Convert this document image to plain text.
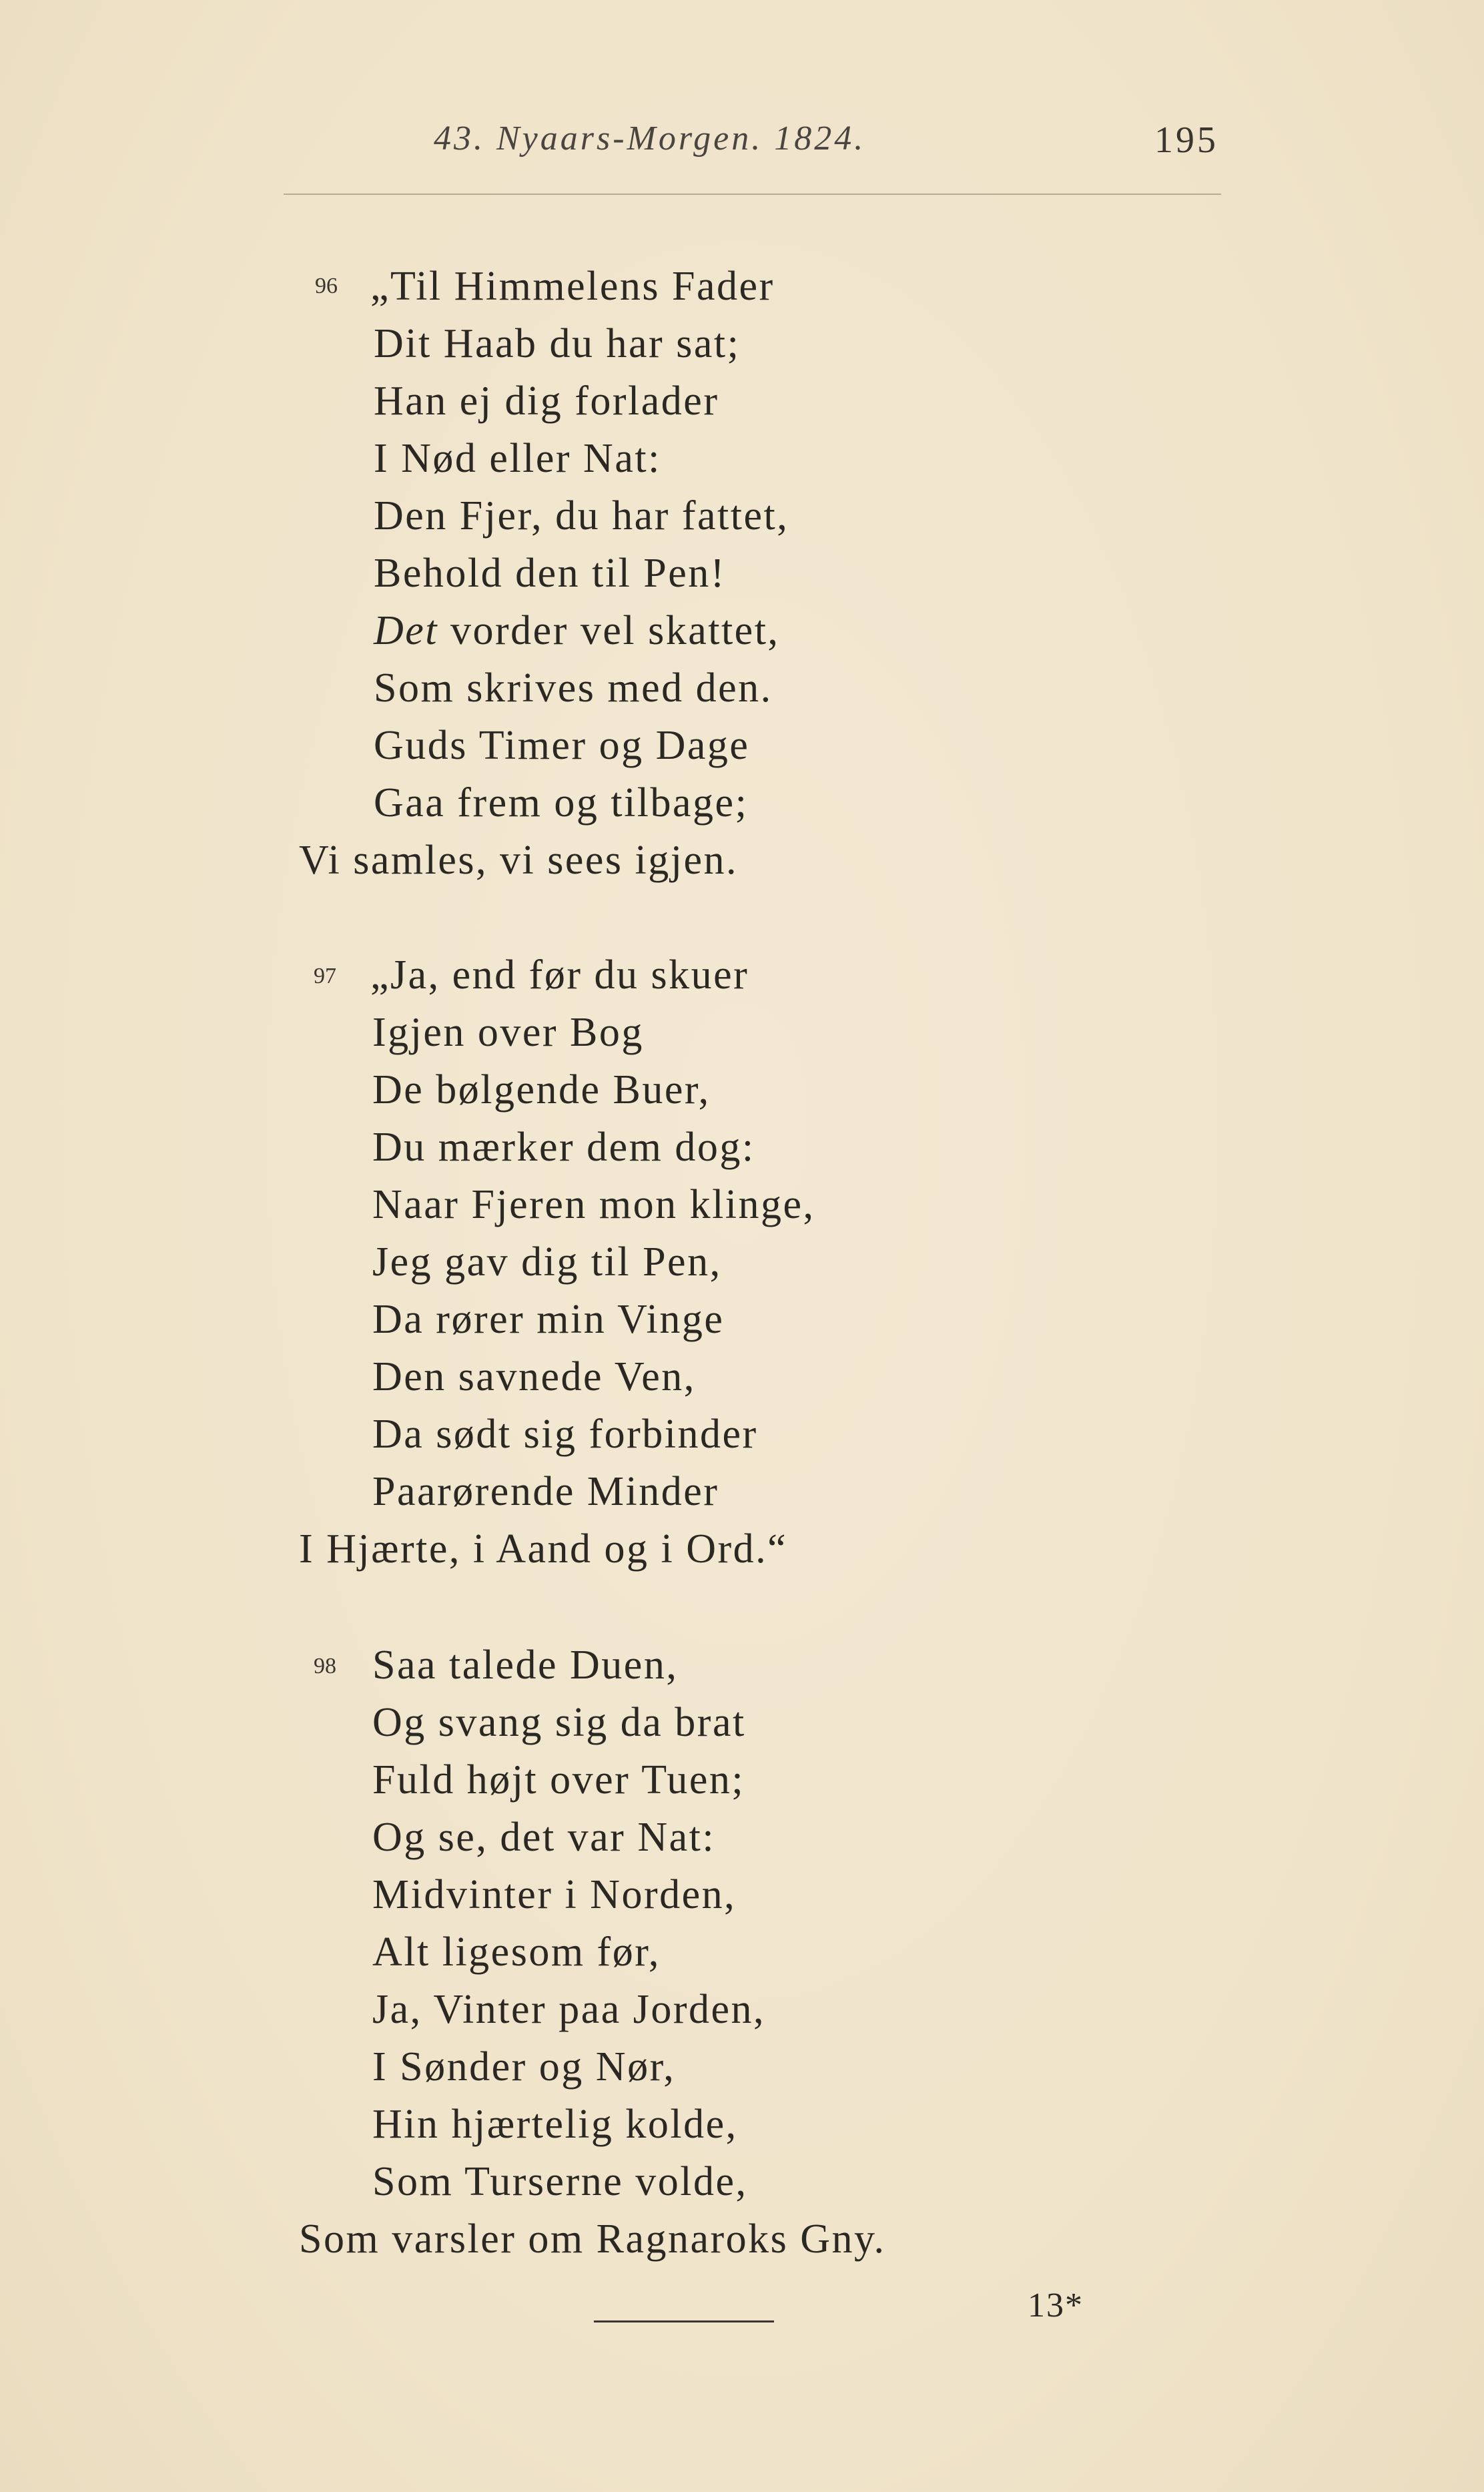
43. Nyaars-Morgen. 1824.	195
96 „Til Himmelens Fader
Dit Haab du har sat;
Han ej dig forlader
I Nød eller Nat:
Den Fjer, du har fattet,
Behold den til Pen!
Det vorder vel skattet,
Som skrives med den.
Guds Timer og Dage
Gaa frem og tilbage;
Vi samles, vi sees igjen.
97 „Ja, end før du skuer
Igjen over Bog
De bølgende Buer,
Du mærker dem dog:
Naar Fjeren mon klinge,
Jeg gav dig til Pen,
Da rører min Vinge
Den savnede Ven,
Da sødt sig forbinder
Paarørende Minder
I Hjærte, i Aand og i Ord.“
98 Saa talede Duen,
Og svang sig da brat
Fuld højt over Tuen;
Og se, det var Nat:
Midvinter i Norden,
Alt ligesom før,
Ja, Vinter paa Jorden,
I Sønder og Nør,
Hin hjærtelig kolde,
Som Turserne volde,
Som varsler om Ragnaroks Gny.
13*
